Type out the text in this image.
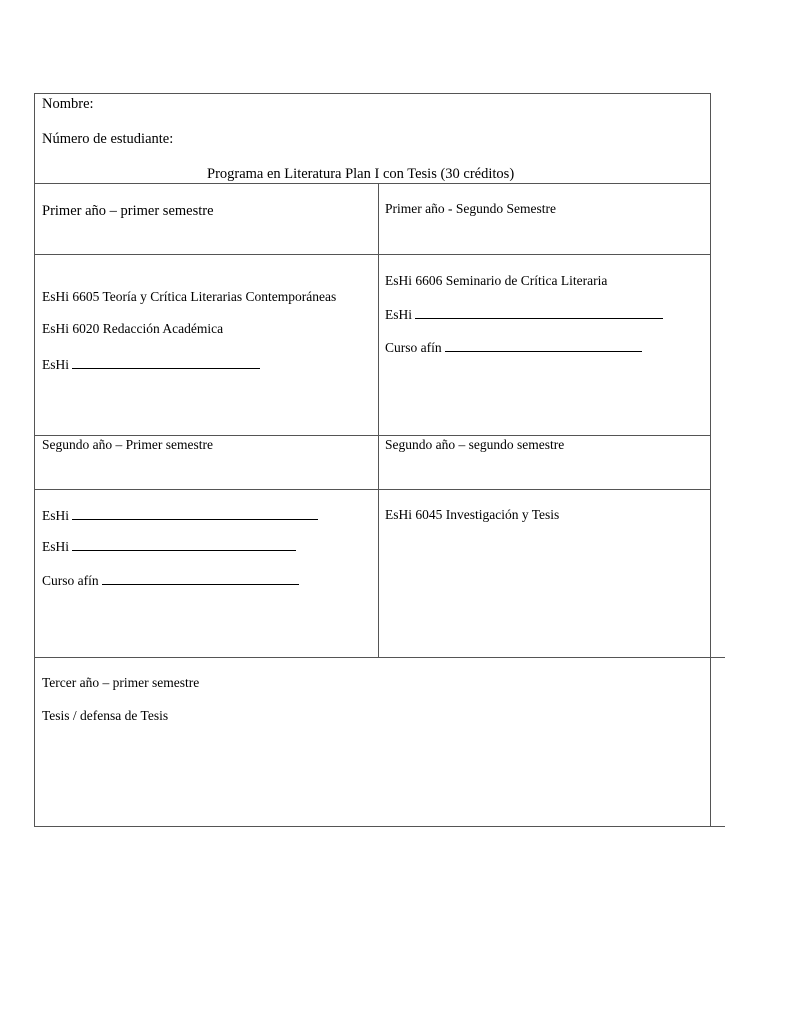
Nombre:
Número de estudiante:
Programa en Literatura Plan I con Tesis (30 créditos)
Primer año – primer semestre	Primer año - Segundo Semestre
EsHi 6605 Teoría y Crítica Literarias Contemporáneas
EsHi 6020 Redacción Académica
EsHi
EsHi 6606 Seminario de Crítica Literaria
EsHi
Curso afín
Segundo año – Primer semestre	Segundo año – segundo semestre
EsHi
EsHi
Curso afín
EsHi 6045 Investigación y Tesis
Tercer año – primer semestre
Tesis / defensa de Tesis
